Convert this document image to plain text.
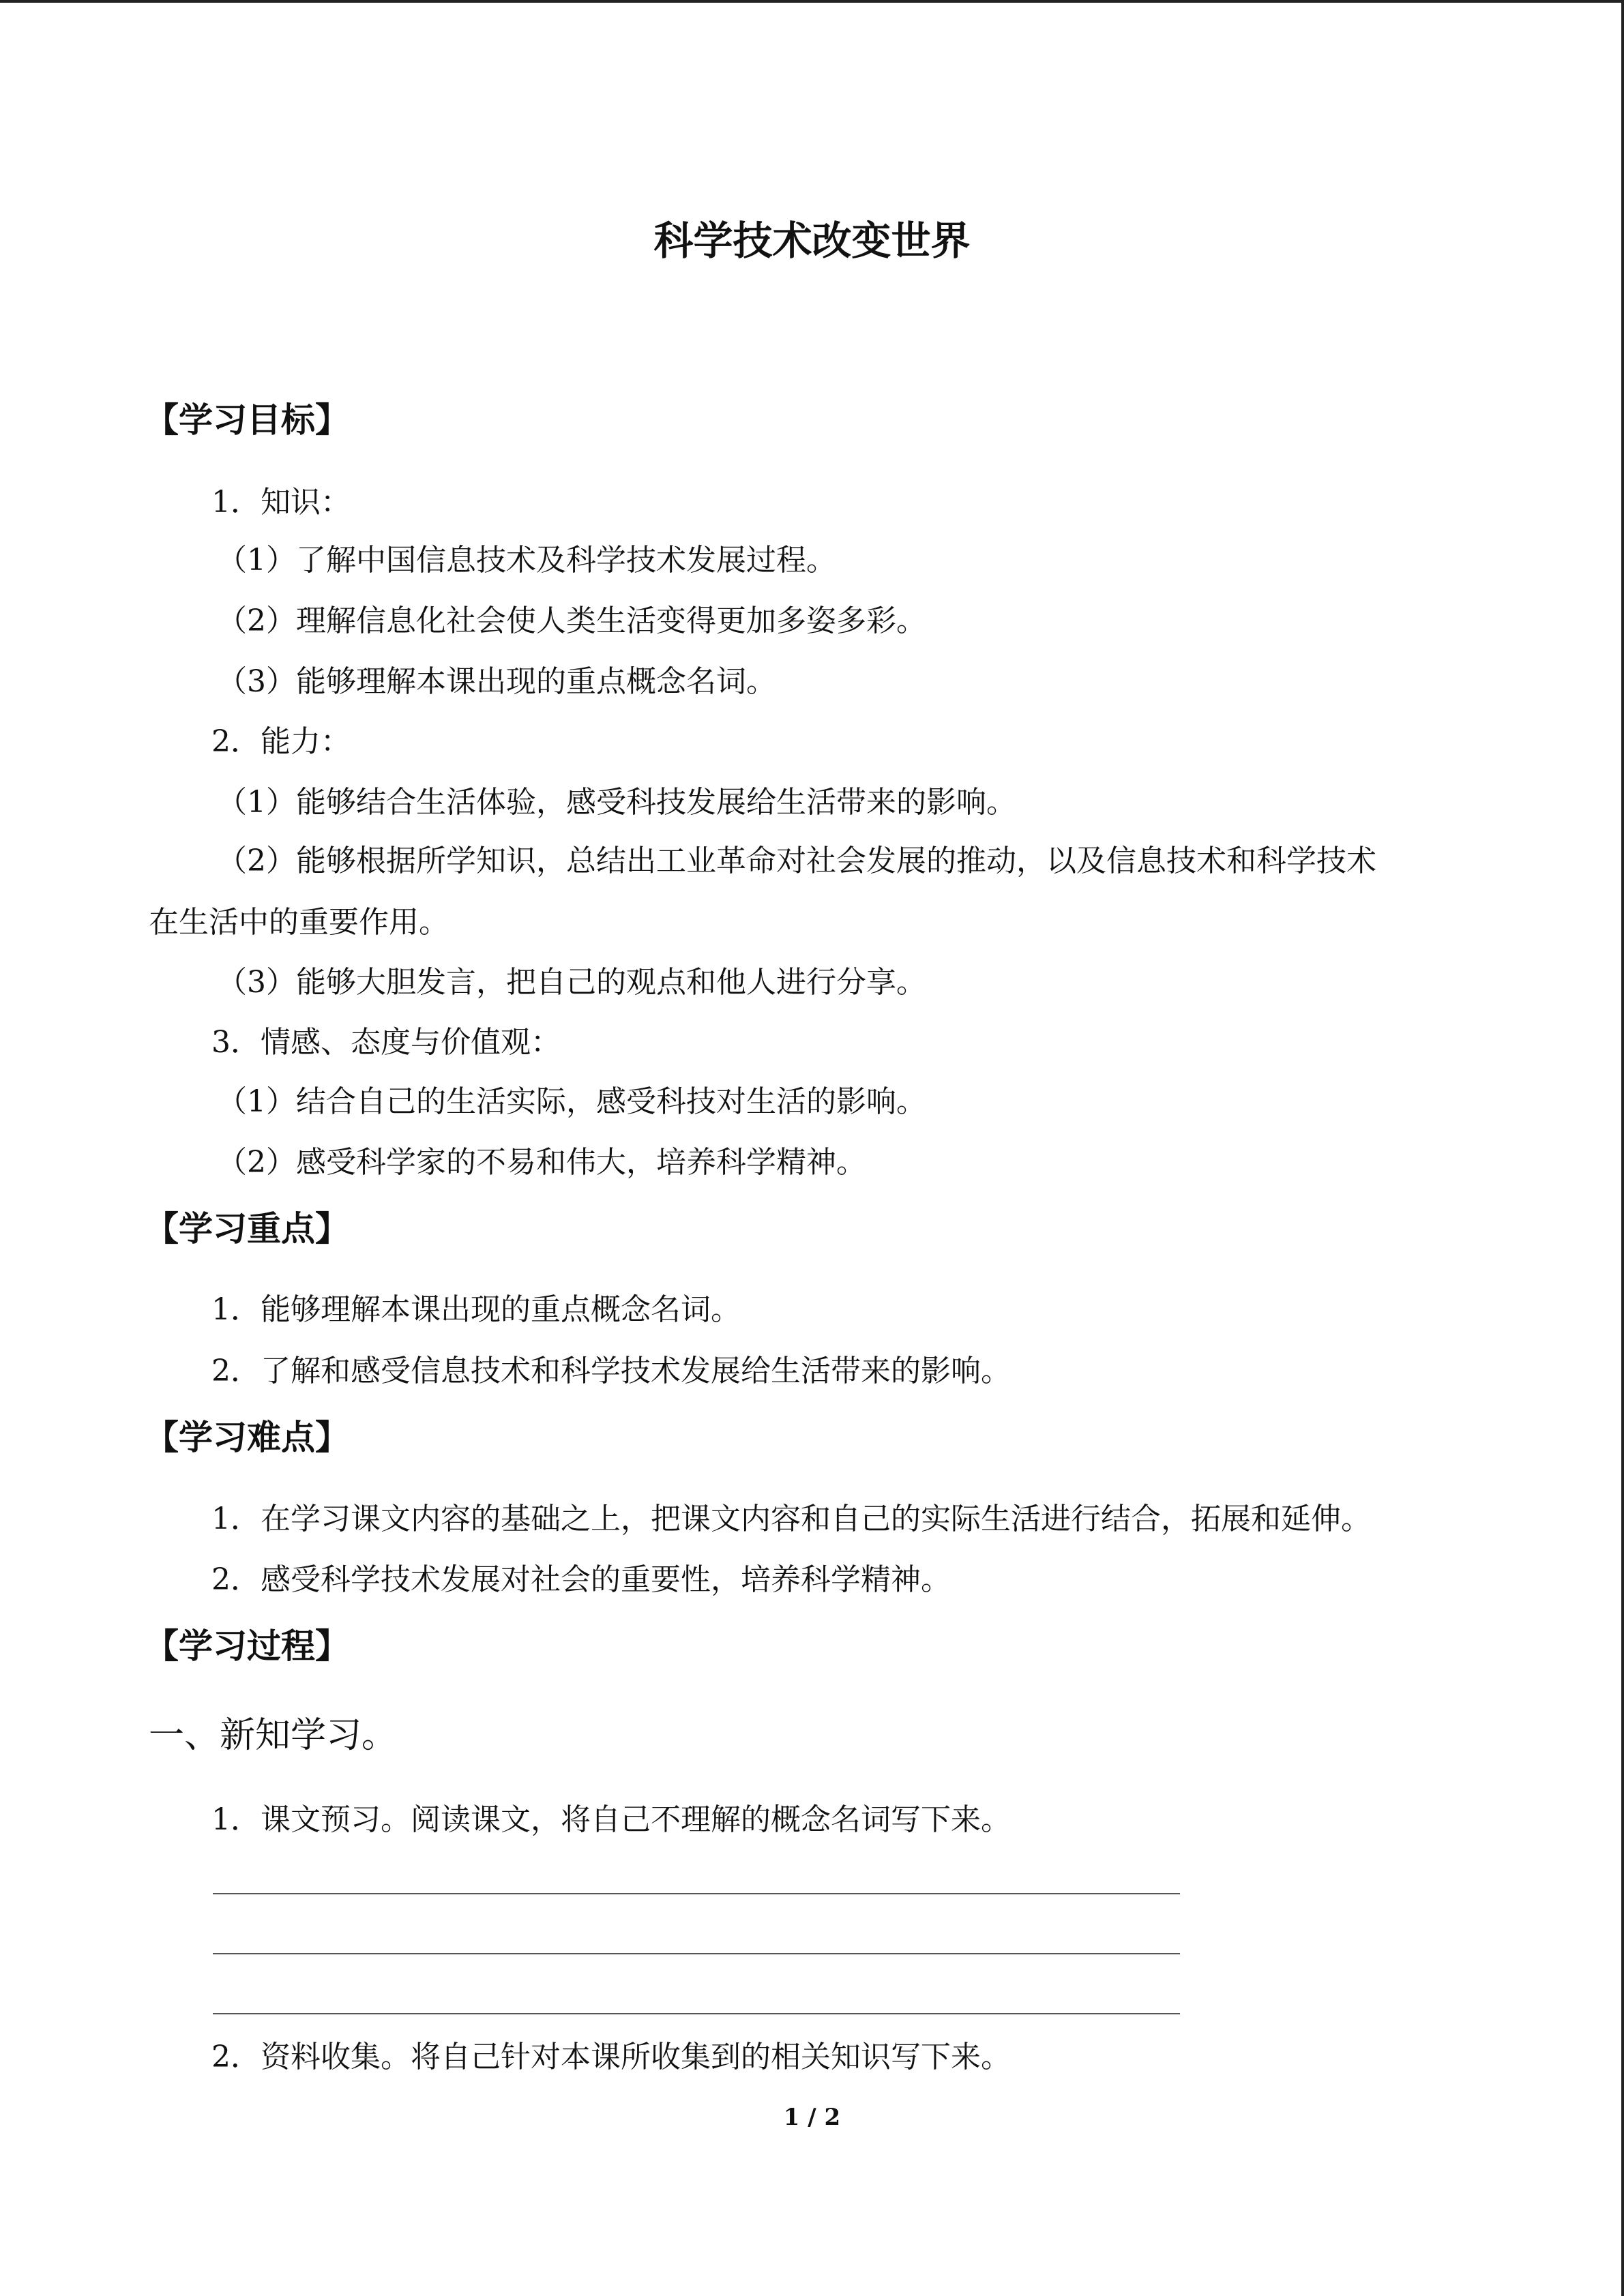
科学技术改变世界
【学习目标】
1．知识：
（1）了解中国信息技术及科学技术发展过程。
（2）理解信息化社会使人类生活变得更加多姿多彩。
（3）能够理解本课出现的重点概念名词。
2．能力：
（1）能够结合生活体验，感受科技发展给生活带来的影响。
（2）能够根据所学知识，总结出工业革命对社会发展的推动，以及信息技术和科学技术
在生活中的重要作用。
（3）能够大胆发言，把自己的观点和他人进行分享。
3．情感、态度与价值观：
（1）结合自己的生活实际，感受科技对生活的影响。
（2）感受科学家的不易和伟大，培养科学精神。
【学习重点】
1．能够理解本课出现的重点概念名词。
2．了解和感受信息技术和科学技术发展给生活带来的影响。
【学习难点】
1．在学习课文内容的基础之上，把课文内容和自己的实际生活进行结合，拓展和延伸。
2．感受科学技术发展对社会的重要性，培养科学精神。
【学习过程】
一、新知学习。
1．课文预习。阅读课文，将自己不理解的概念名词写下来。
2．资料收集。将自己针对本课所收集到的相关知识写下来。
1 / 2
